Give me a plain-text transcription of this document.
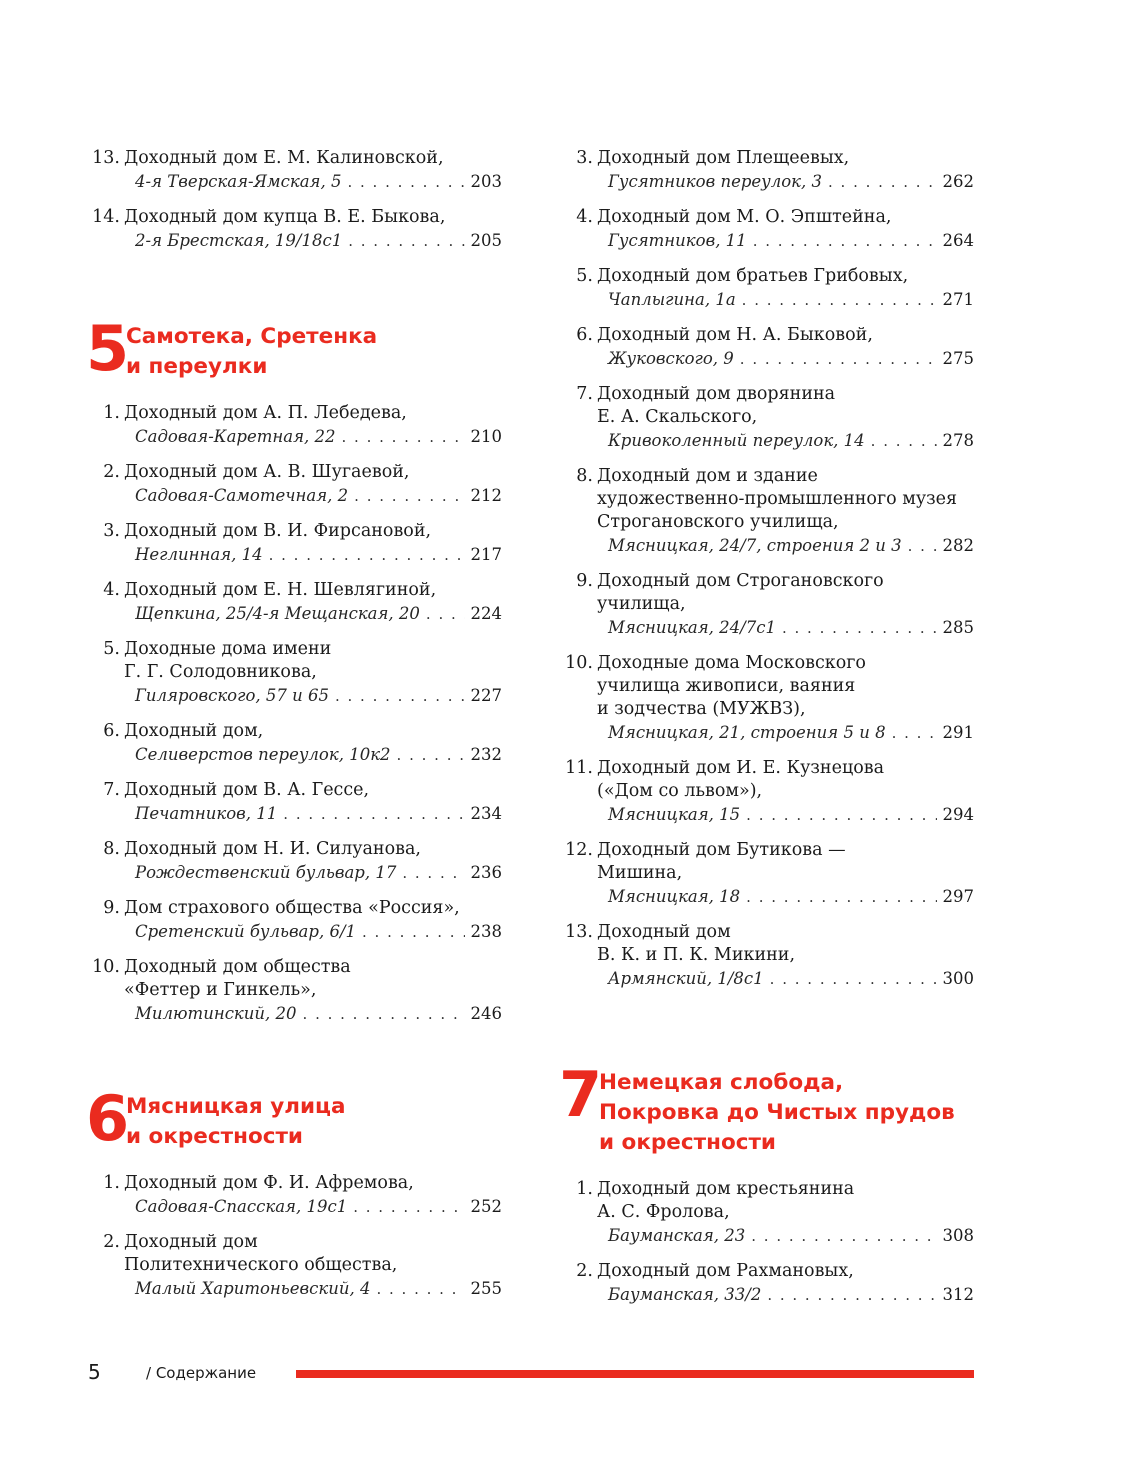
13. Доходный дом Е. М. Калиновской,
4-я Тверская-Ямская, 5 . . .	203
14. Доходный дом купца В. Е. Быкова,
2-я Брестская, 19/18с1 . . .	205
5
Самотека, Сретенка
и переулки
1. Доходный дом А. П. Лебедева,
Садовая-Каретная, 22 . . .	210
2. Доходный дом А. В. Шугаевой,
Садовая-Самотечная, 2 . . .	212
3. Доходный дом В. И. Фирсановой,
Неглинная, 14 . . .	217
4. Доходный дом Е. Н. Шевлягиной,
Щепкина, 25/4-я Мещанская, 20 . . .	224
5. Доходные дома имени
Г. Г. Солодовникова,
Гиляровского, 57 и 65 . . .	227
6. Доходный дом,
Селиверстов переулок, 10к2 . . .	232
7. Доходный дом В. А. Гессе,
Печатников, 11 . . .	234
8. Доходный дом Н. И. Силуанова,
Рождественский бульвар, 17 . . .	236
9. Дом страхового общества «Россия»,
Сретенский бульвар, 6/1 . . .	238
10. Доходный дом общества
«Феттер и Гинкель»,
Милютинский, 20 . . .	246
6
Мясницкая улица
и окрестности
1. Доходный дом Ф. И. Афремова,
Садовая-Спасская, 19с1 . . .	252
2. Доходный дом
Политехнического общества,
Малый Харитоньевский, 4 . . .	255
3. Доходный дом Плещеевых,
Гусятников переулок, 3 . . .	262
4. Доходный дом М. О. Эпштейна,
Гусятников, 11 . . .	264
5. Доходный дом братьев Грибовых,
Чаплыгина, 1а . . .	271
6. Доходный дом Н. А. Быковой,
Жуковского, 9 . . .	275
7. Доходный дом дворянина
Е. А. Скальского,
Кривоколенный переулок, 14 . . .	278
8. Доходный дом и здание
художественно-промышленного музея
Строгановского училища,
Мясницкая, 24/7, строения 2 и 3 . . .	282
9. Доходный дом Строгановского
училища,
Мясницкая, 24/7с1 . . .	285
10. Доходные дома Московского
училища живописи, ваяния
и зодчества (МУЖВЗ),
Мясницкая, 21, строения 5 и 8 . . .	291
11. Доходный дом И. Е. Кузнецова
(«Дом со львом»),
Мясницкая, 15 . . .	294
12. Доходный дом Бутикова —
Мишина,
Мясницкая, 18 . . .	297
13. Доходный дом
В. К. и П. К. Микини,
Армянский, 1/8с1 . . .	300
7
Немецкая слобода,
Покровка до Чистых прудов
и окрестности
1. Доходный дом крестьянина
А. С. Фролова,
Бауманская, 23 . . .	308
2. Доходный дом Рахмановых,
Бауманская, 33/2 . . .	312
5	/ Содержание
